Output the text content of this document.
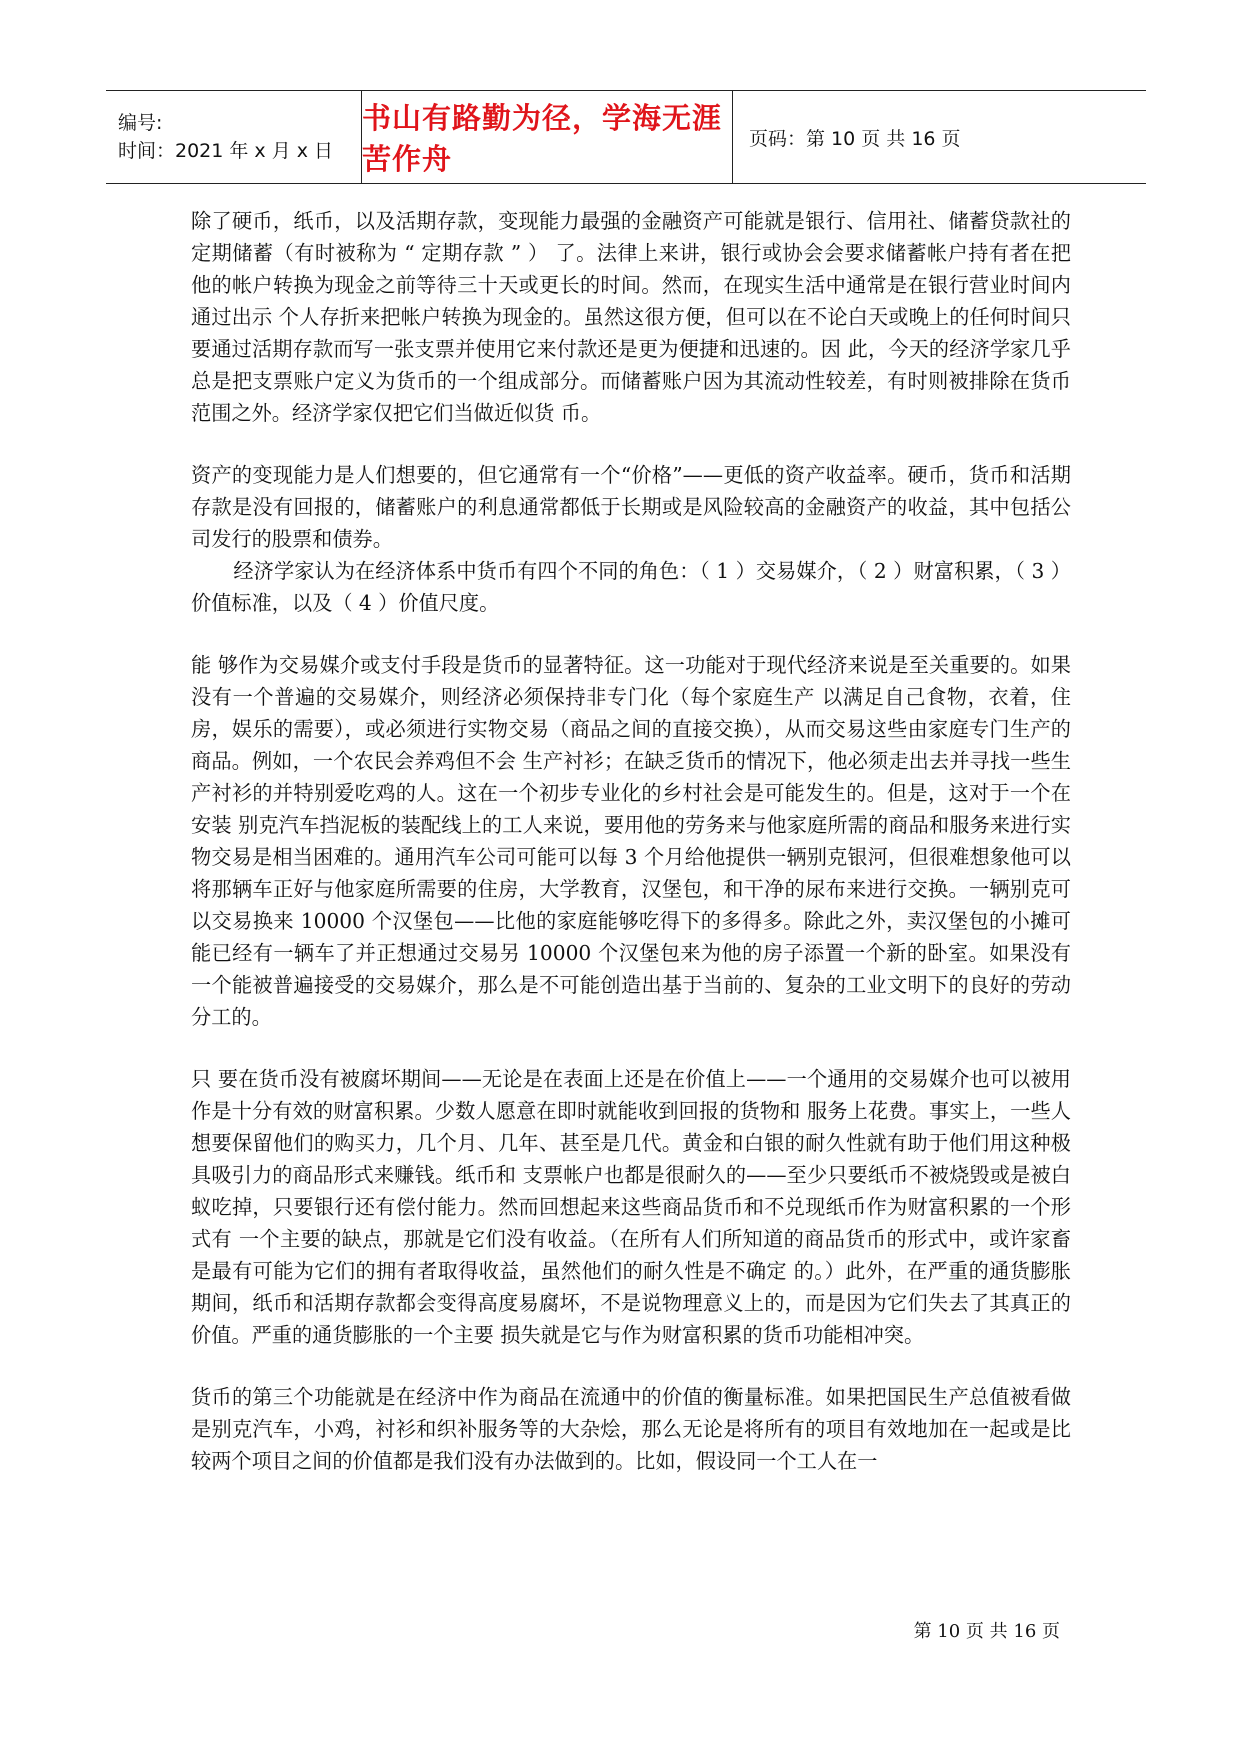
编号:
时间：2021 年 x 月 x 日
书山有路勤为径，学海无涯苦作舟
页码：第 10 页 共 16 页

除了硬币，纸币，以及活期存款，变现能力最强的金融资产可能就是银行、信用社、储蓄贷款社的定期储蓄（有时被称为 “ 定期存款 ” ） 了。法律上来讲，银行或协会会要求储蓄帐户持有者在把他的帐户转换为现金之前等待三十天或更长的时间。然而，在现实生活中通常是在银行营业时间内通过出示 个人存折来把帐户转换为现金的。虽然这很方便，但可以在不论白天或晚上的任何时间只要通过活期存款而写一张支票并使用它来付款还是更为便捷和迅速的。因 此，今天的经济学家几乎总是把支票账户定义为货币的一个组成部分。而储蓄账户因为其流动性较差，有时则被排除在货币范围之外。经济学家仅把它们当做近似货 币。

资产的变现能力是人们想要的，但它通常有一个“价格”——更低的资产收益率。硬币，货币和活期存款是没有回报的，储蓄账户的利息通常都低于长期或是风险较高的金融资产的收益，其中包括公司发行的股票和债券。

经济学家认为在经济体系中货币有四个不同的角色：（ 1 ）交易媒介，（ 2 ）财富积累，（ 3 ）价值标准，以及（ 4 ）价值尺度。

能 够作为交易媒介或支付手段是货币的显著特征。这一功能对于现代经济来说是至关重要的。如果没有一个普遍的交易媒介，则经济必须保持非专门化（每个家庭生产 以满足自己食物，衣着，住房，娱乐的需要），或必须进行实物交易（商品之间的直接交换），从而交易这些由家庭专门生产的商品。例如，一个农民会养鸡但不会 生产衬衫；在缺乏货币的情况下，他必须走出去并寻找一些生产衬衫的并特别爱吃鸡的人。这在一个初步专业化的乡村社会是可能发生的。但是，这对于一个在安装 别克汽车挡泥板的装配线上的工人来说，要用他的劳务来与他家庭所需的商品和服务来进行实物交易是相当困难的。通用汽车公司可能可以每 3 个月给他提供一辆别克银河，但很难想象他可以将那辆车正好与他家庭所需要的住房，大学教育，汉堡包，和干净的尿布来进行交换。一辆别克可以交易换来 10000 个汉堡包——比他的家庭能够吃得下的多得多。除此之外，卖汉堡包的小摊可能已经有一辆车了并正想通过交易另 10000 个汉堡包来为他的房子添置一个新的卧室。如果没有一个能被普遍接受的交易媒介，那么是不可能创造出基于当前的、复杂的工业文明下的良好的劳动分工的。

只 要在货币没有被腐坏期间——无论是在表面上还是在价值上——一个通用的交易媒介也可以被用作是十分有效的财富积累。少数人愿意在即时就能收到回报的货物和 服务上花费。事实上，一些人想要保留他们的购买力，几个月、几年、甚至是几代。黄金和白银的耐久性就有助于他们用这种极具吸引力的商品形式来赚钱。纸币和 支票帐户也都是很耐久的——至少只要纸币不被烧毁或是被白蚁吃掉，只要银行还有偿付能力。然而回想起来这些商品货币和不兑现纸币作为财富积累的一个形式有 一个主要的缺点，那就是它们没有收益。（在所有人们所知道的商品货币的形式中，或许家畜是最有可能为它们的拥有者取得收益，虽然他们的耐久性是不确定 的。）此外，在严重的通货膨胀期间，纸币和活期存款都会变得高度易腐坏，不是说物理意义上的，而是因为它们失去了其真正的价值。严重的通货膨胀的一个主要 损失就是它与作为财富积累的货币功能相冲突。

货币的第三个功能就是在经济中作为商品在流通中的价值的衡量标准。如果把国民生产总值被看做是别克汽车，小鸡，衬衫和织补服务等的大杂烩，那么无论是将所有的项目有效地加在一起或是比较两个项目之间的价值都是我们没有办法做到的。比如，假设同一个工人在一

第 10 页 共 16 页
